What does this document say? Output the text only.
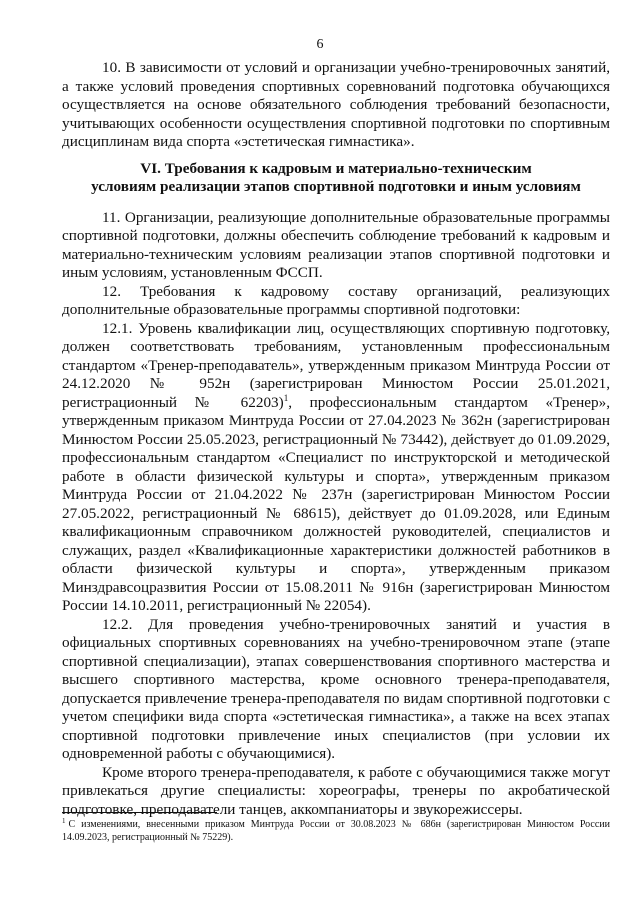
6

10. В зависимости от условий и организации учебно-тренировочных занятий, а также условий проведения спортивных соревнований подготовка обучающихся осуществляется на основе обязательного соблюдения требований безопасности, учитывающих особенности осуществления спортивной подготовки по спортивным дисциплинам вида спорта «эстетическая гимнастика».

VI. Требования к кадровым и материально-техническим
условиям реализации этапов спортивной подготовки и иным условиям

11. Организации, реализующие дополнительные образовательные программы спортивной подготовки, должны обеспечить соблюдение требований к кадровым и материально-техническим условиям реализации этапов спортивной подготовки и иным условиям, установленным ФССП.

12. Требования к кадровому составу организаций, реализующих дополнительные образовательные программы спортивной подготовки:

12.1. Уровень квалификации лиц, осуществляющих спортивную подготовку, должен соответствовать требованиям, установленным профессиональным стандартом «Тренер-преподаватель», утвержденным приказом Минтруда России от 24.12.2020 № 952н (зарегистрирован Минюстом России 25.01.2021, регистрационный № 62203)$^1$, профессиональным стандартом «Тренер», утвержденным приказом Минтруда России от 27.04.2023 № 362н (зарегистрирован Минюстом России 25.05.2023, регистрационный № 73442), действует до 01.09.2029, профессиональным стандартом «Специалист по инструкторской и методической работе в области физической культуры и спорта», утвержденным приказом Минтруда России от 21.04.2022 № 237н (зарегистрирован Минюстом России 27.05.2022, регистрационный № 68615), действует до 01.09.2028, или Единым квалификационным справочником должностей руководителей, специалистов и служащих, раздел «Квалификационные характеристики должностей работников в области физической культуры и спорта», утвержденным приказом Минздравсоцразвития России от 15.08.2011 № 916н (зарегистрирован Минюстом России 14.10.2011, регистрационный № 22054).

12.2. Для проведения учебно-тренировочных занятий и участия в официальных спортивных соревнованиях на учебно-тренировочном этапе (этапе спортивной специализации), этапах совершенствования спортивного мастерства и высшего спортивного мастерства, кроме основного тренера-преподавателя, допускается привлечение тренера-преподавателя по видам спортивной подготовки с учетом специфики вида спорта «эстетическая гимнастика», а также на всех этапах спортивной подготовки привлечение иных специалистов (при условии их одновременной работы с обучающимися).

Кроме второго тренера-преподавателя, к работе с обучающимися также могут привлекаться другие специалисты: хореографы, тренеры по акробатической подготовке, преподаватели танцев, аккомпаниаторы и звукорежиссеры.

$^1$ С изменениями, внесенными приказом Минтруда России от 30.08.2023 № 686н (зарегистрирован Минюстом России 14.09.2023, регистрационный № 75229).
